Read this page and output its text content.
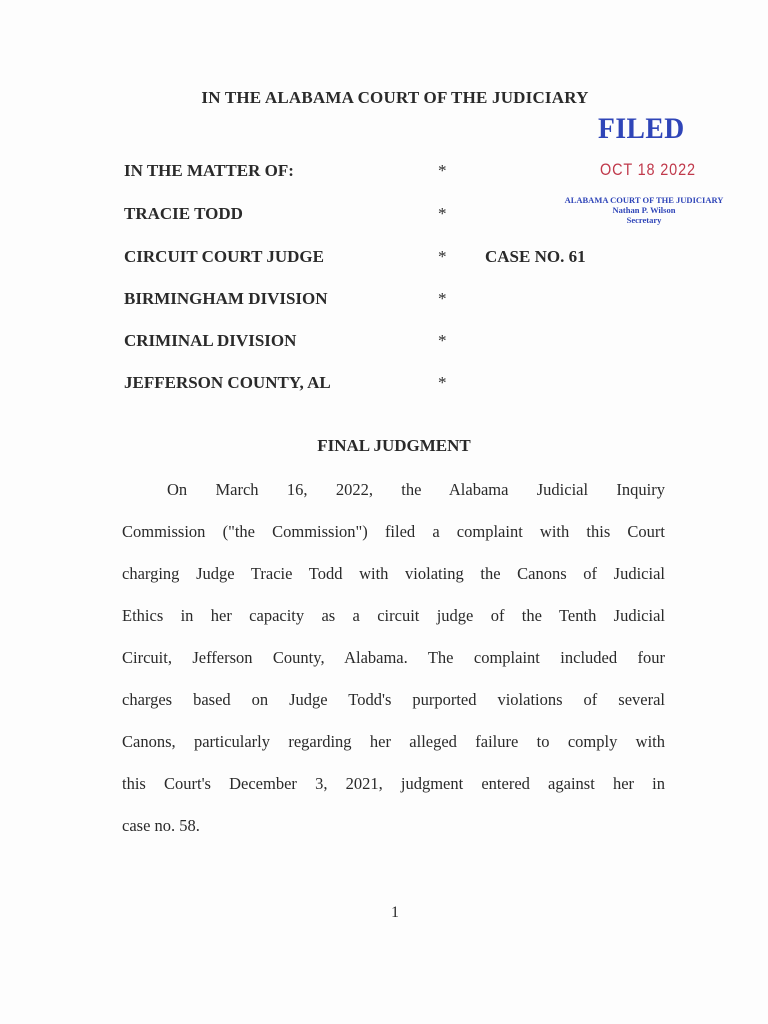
IN THE ALABAMA COURT OF THE JUDICIARY
IN THE MATTER OF:	*
TRACIE TODD	*
CIRCUIT COURT JUDGE	*
BIRMINGHAM DIVISION	*
CRIMINAL DIVISION	*
JEFFERSON COUNTY, AL	*
CASE NO. 61
FILED
OCT 18 2022
ALABAMA COURT OF THE JUDICIARY
Nathan P. Wilson
Secretary
FINAL JUDGMENT
On March 16, 2022, the Alabama Judicial Inquiry
Commission ("the Commission") filed a complaint with this Court
charging Judge Tracie Todd with violating the Canons of Judicial
Ethics in her capacity as a circuit judge of the Tenth Judicial
Circuit, Jefferson County, Alabama. The complaint included four
charges based on Judge Todd's purported violations of several
Canons, particularly regarding her alleged failure to comply with
this Court's December 3, 2021, judgment entered against her in
case no. 58.
1
